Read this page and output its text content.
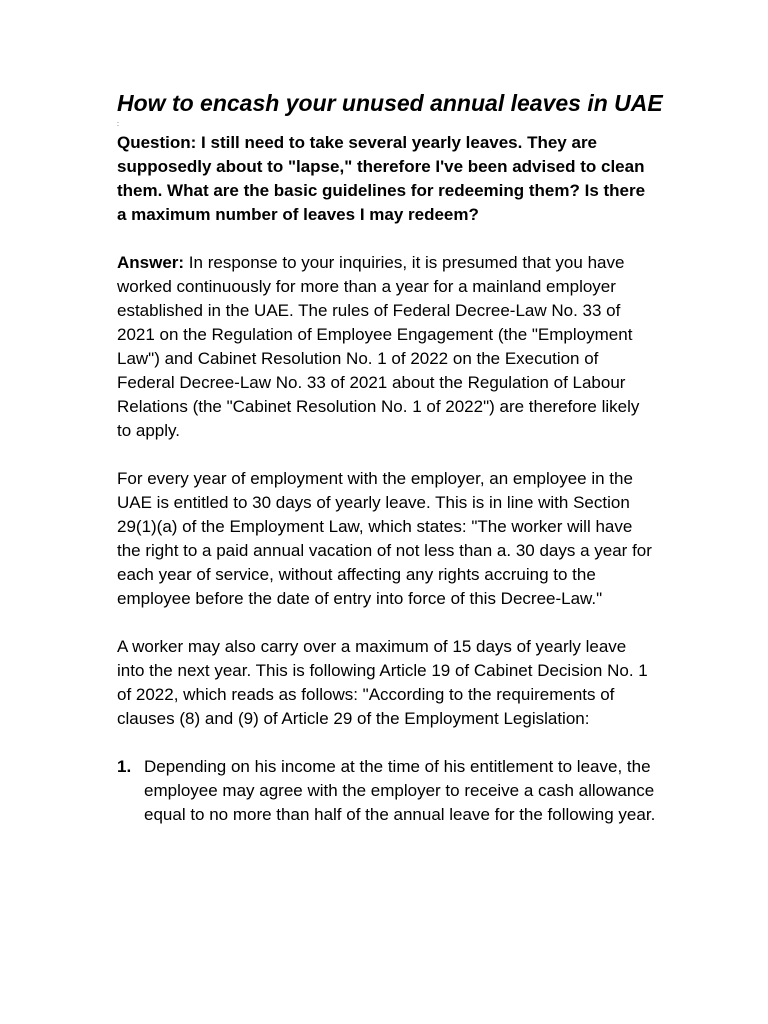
How to encash your unused annual leaves in UAE
:

Question: I still need to take several yearly leaves. They are supposedly about to "lapse," therefore I've been advised to clean them. What are the basic guidelines for redeeming them? Is there a maximum number of leaves I may redeem?

Answer: In response to your inquiries, it is presumed that you have worked continuously for more than a year for a mainland employer established in the UAE. The rules of Federal Decree-Law No. 33 of 2021 on the Regulation of Employee Engagement (the "Employment Law") and Cabinet Resolution No. 1 of 2022 on the Execution of Federal Decree-Law No. 33 of 2021 about the Regulation of Labour Relations (the "Cabinet Resolution No. 1 of 2022") are therefore likely to apply.

For every year of employment with the employer, an employee in the UAE is entitled to 30 days of yearly leave. This is in line with Section 29(1)(a) of the Employment Law, which states: "The worker will have the right to a paid annual vacation of not less than a. 30 days a year for each year of service, without affecting any rights accruing to the employee before the date of entry into force of this Decree-Law."

A worker may also carry over a maximum of 15 days of yearly leave into the next year. This is following Article 19 of Cabinet Decision No. 1 of 2022, which reads as follows: "According to the requirements of clauses (8) and (9) of Article 29 of the Employment Legislation:

1. Depending on his income at the time of his entitlement to leave, the employee may agree with the employer to receive a cash allowance equal to no more than half of the annual leave for the following year.
